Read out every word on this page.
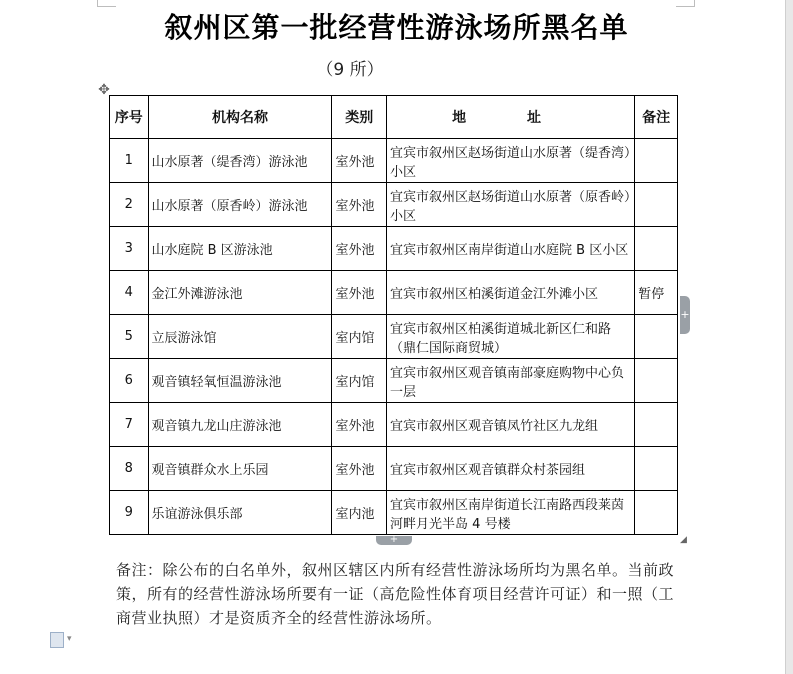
叙州区第一批经营性游泳场所黑名单
（9 所）
✥
序号	机构名称	类别	地 址	备注
1	山水原著（缇香湾）游泳池	室外池	宜宾市叙州区赵场街道山水原著（缇香湾）小区	
2	山水原著（原香岭）游泳池	室外池	宜宾市叙州区赵场街道山水原著（原香岭）小区	
3	山水庭院 B 区游泳池	室外池	宜宾市叙州区南岸街道山水庭院 B 区小区	
4	金江外滩游泳池	室外池	宜宾市叙州区柏溪街道金江外滩小区	暂停
5	立辰游泳馆	室内馆	宜宾市叙州区柏溪街道城北新区仁和路（鼎仁国际商贸城）	
6	观音镇轻氧恒温游泳池	室内馆	宜宾市叙州区观音镇南部豪庭购物中心负一层	
7	观音镇九龙山庄游泳池	室外池	宜宾市叙州区观音镇凤竹社区九龙组	
8	观音镇群众水上乐园	室外池	宜宾市叙州区观音镇群众村茶园组	
9	乐谊游泳俱乐部	室内池	宜宾市叙州区南岸街道长江南路西段莱茵河畔月光半岛 4 号楼	
+
+	◢
备注：除公布的白名单外，叙州区辖区内所有经营性游泳场所均为黑名单。当前政策，所有的经营性游泳场所要有一证（高危险性体育项目经营许可证）和一照（工商营业执照）才是资质齐全的经营性游泳场所。
▾
